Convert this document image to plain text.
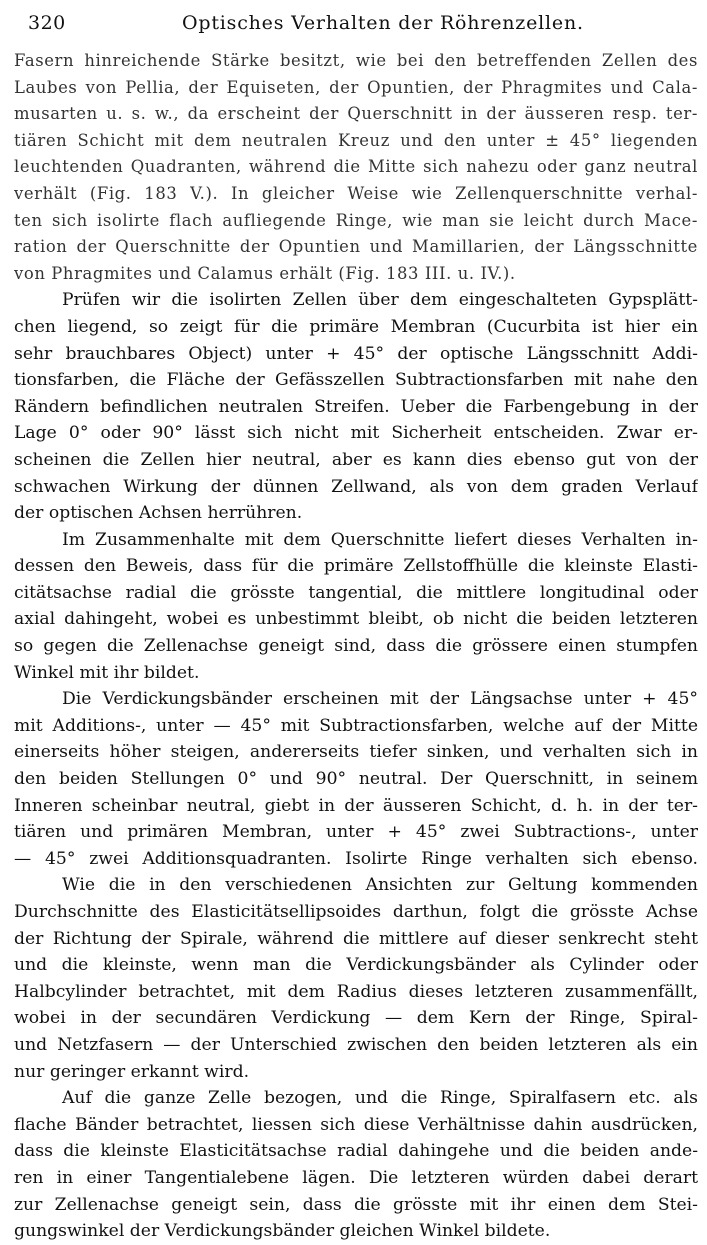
320	Optisches Verhalten der Röhrenzellen.
Fasern hinreichende Stärke besitzt, wie bei den betreffenden Zellen des
Laubes von Pellia, der Equiseten, der Opuntien, der Phragmites und Cala-
musarten u. s. w., da erscheint der Querschnitt in der äusseren resp. ter-
tiären Schicht mit dem neutralen Kreuz und den unter ± 45° liegenden
leuchtenden Quadranten, während die Mitte sich nahezu oder ganz neutral
verhält (Fig. 183 V.). In gleicher Weise wie Zellenquerschnitte verhal-
ten sich isolirte flach aufliegende Ringe, wie man sie leicht durch Mace-
ration der Querschnitte der Opuntien und Mamillarien, der Längsschnitte
von Phragmites und Calamus erhält (Fig. 183 III. u. IV.).
Prüfen wir die isolirten Zellen über dem eingeschalteten Gypsplätt-
chen liegend, so zeigt für die primäre Membran (Cucurbita ist hier ein
sehr brauchbares Object) unter + 45° der optische Längsschnitt Addi-
tionsfarben, die Fläche der Gefässzellen Subtractionsfarben mit nahe den
Rändern befindlichen neutralen Streifen. Ueber die Farbengebung in der
Lage 0° oder 90° lässt sich nicht mit Sicherheit entscheiden. Zwar er-
scheinen die Zellen hier neutral, aber es kann dies ebenso gut von der
schwachen Wirkung der dünnen Zellwand, als von dem graden Verlauf
der optischen Achsen herrühren.
Im Zusammenhalte mit dem Querschnitte liefert dieses Verhalten in-
dessen den Beweis, dass für die primäre Zellstoffhülle die kleinste Elasti-
citätsachse radial die grösste tangential, die mittlere longitudinal oder
axial dahingeht, wobei es unbestimmt bleibt, ob nicht die beiden letzteren
so gegen die Zellenachse geneigt sind, dass die grössere einen stumpfen
Winkel mit ihr bildet.
Die Verdickungsbänder erscheinen mit der Längsachse unter + 45°
mit Additions-, unter — 45° mit Subtractionsfarben, welche auf der Mitte
einerseits höher steigen, andererseits tiefer sinken, und verhalten sich in
den beiden Stellungen 0° und 90° neutral. Der Querschnitt, in seinem
Inneren scheinbar neutral, giebt in der äusseren Schicht, d. h. in der ter-
tiären und primären Membran, unter + 45° zwei Subtractions-, unter
— 45° zwei Additionsquadranten. Isolirte Ringe verhalten sich ebenso.
Wie die in den verschiedenen Ansichten zur Geltung kommenden
Durchschnitte des Elasticitätsellipsoides darthun, folgt die grösste Achse
der Richtung der Spirale, während die mittlere auf dieser senkrecht steht
und die kleinste, wenn man die Verdickungsbänder als Cylinder oder
Halbcylinder betrachtet, mit dem Radius dieses letzteren zusammenfällt,
wobei in der secundären Verdickung — dem Kern der Ringe, Spiral-
und Netzfasern — der Unterschied zwischen den beiden letzteren als ein
nur geringer erkannt wird.
Auf die ganze Zelle bezogen, und die Ringe, Spiralfasern etc. als
flache Bänder betrachtet, liessen sich diese Verhältnisse dahin ausdrücken,
dass die kleinste Elasticitätsachse radial dahingehe und die beiden ande-
ren in einer Tangentialebene lägen. Die letzteren würden dabei derart
zur Zellenachse geneigt sein, dass die grösste mit ihr einen dem Stei-
gungswinkel der Verdickungsbänder gleichen Winkel bildete.
